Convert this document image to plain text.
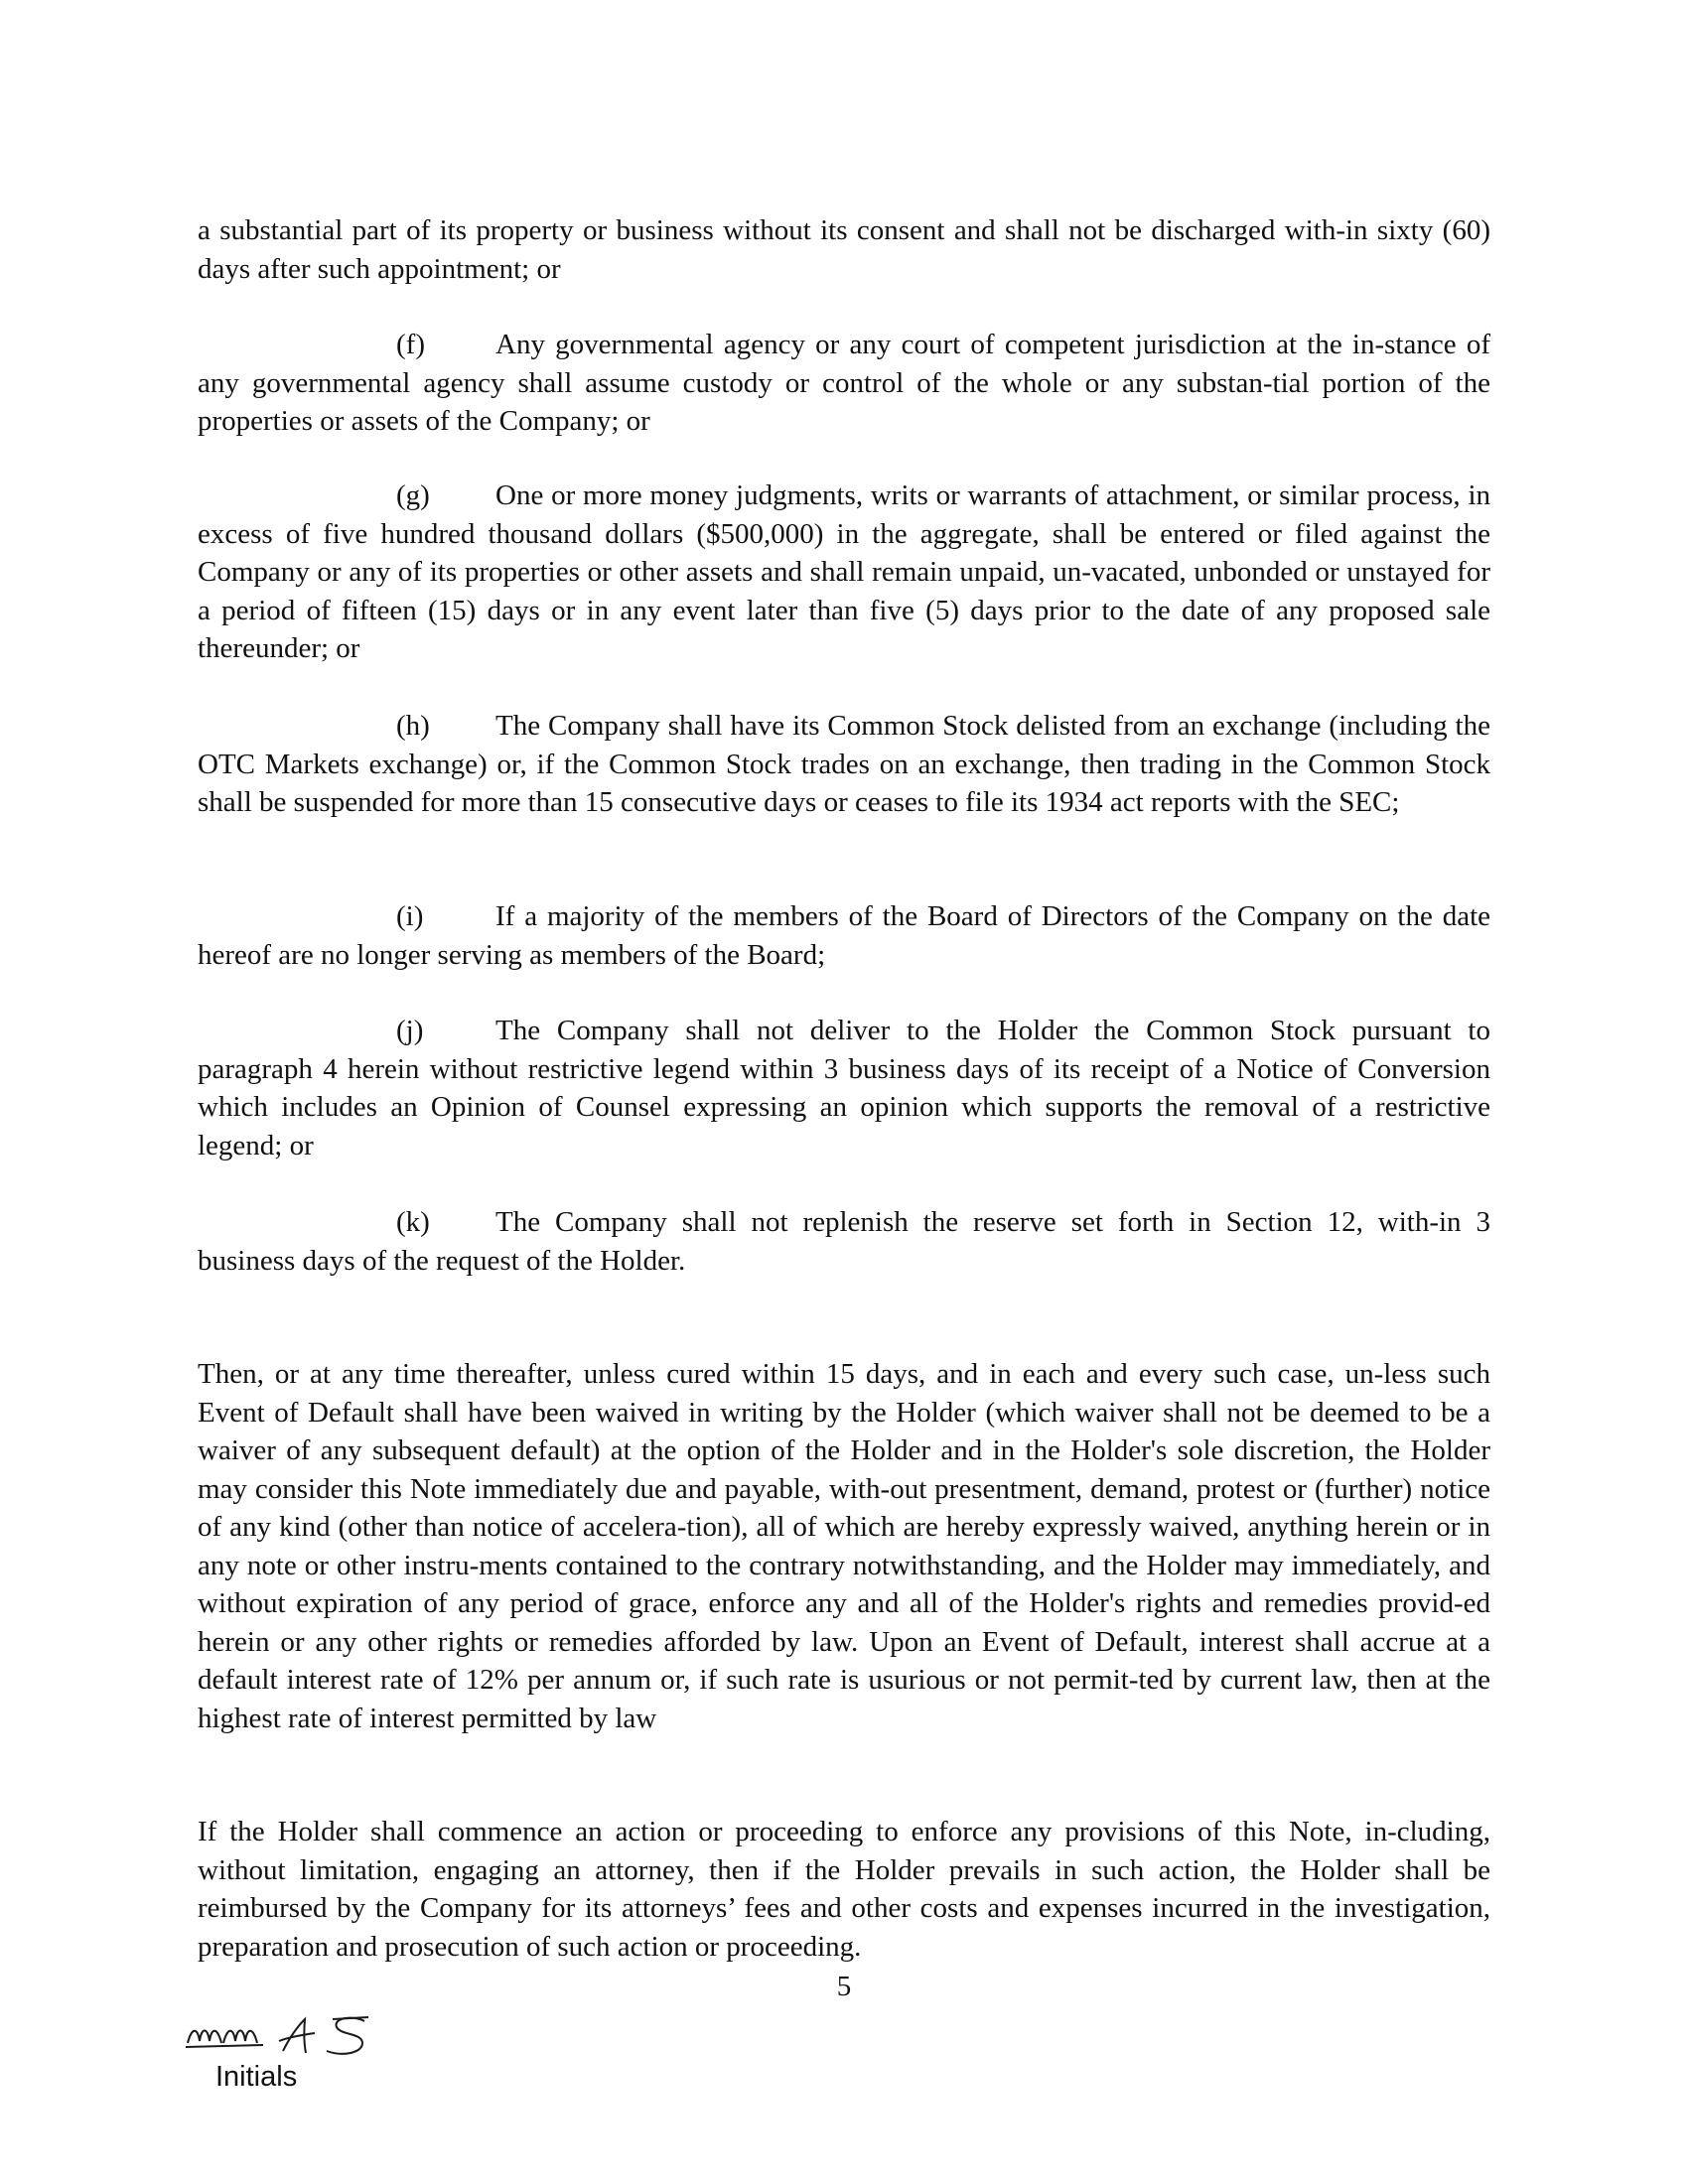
a substantial part of its property or business without its consent and shall not be discharged with-in sixty (60) days after such appointment; or

(f) Any governmental agency or any court of competent jurisdiction at the in-stance of any governmental agency shall assume custody or control of the whole or any substan-tial portion of the properties or assets of the Company; or

(g) One or more money judgments, writs or warrants of attachment, or similar process, in excess of five hundred thousand dollars ($500,000) in the aggregate, shall be entered or filed against the Company or any of its properties or other assets and shall remain unpaid, un-vacated, unbonded or unstayed for a period of fifteen (15) days or in any event later than five (5) days prior to the date of any proposed sale thereunder; or

(h) The Company shall have its Common Stock delisted from an exchange (including the OTC Markets exchange) or, if the Common Stock trades on an exchange, then trading in the Common Stock shall be suspended for more than 15 consecutive days or ceases to file its 1934 act reports with the SEC;

(i)	If a majority of the members of the Board of Directors of the Company on the date hereof are no longer serving as members of the Board;

(j)	The Company shall not deliver to the Holder the Common Stock pursuant to paragraph 4 herein without restrictive legend within 3 business days of its receipt of a Notice of Conversion which includes an Opinion of Counsel expressing an opinion which supports the removal of a restrictive legend; or

(k) The Company shall not replenish the reserve set forth in Section 12, with-in 3 business days of the request of the Holder.

Then, or at any time thereafter, unless cured within 15 days, and in each and every such case, un-less such Event of Default shall have been waived in writing by the Holder (which waiver shall not be deemed to be a waiver of any subsequent default) at the option of the Holder and in the Holder's sole discretion, the Holder may consider this Note immediately due and payable, with-out presentment, demand, protest or (further) notice of any kind (other than notice of accelera-tion), all of which are hereby expressly waived, anything herein or in any note or other instru-ments contained to the contrary notwithstanding, and the Holder may immediately, and without expiration of any period of grace, enforce any and all of the Holder's rights and remedies provid-ed herein or any other rights or remedies afforded by law. Upon an Event of Default, interest shall accrue at a default interest rate of 12% per annum or, if such rate is usurious or not permit-ted by current law, then at the highest rate of interest permitted by law

If the Holder shall commence an action or proceeding to enforce any provisions of this Note, in-cluding, without limitation, engaging an attorney, then if the Holder prevails in such action, the Holder shall be reimbursed by the Company for its attorneys’ fees and other costs and expenses incurred in the investigation, preparation and prosecution of such action or proceeding.

5
Initials
